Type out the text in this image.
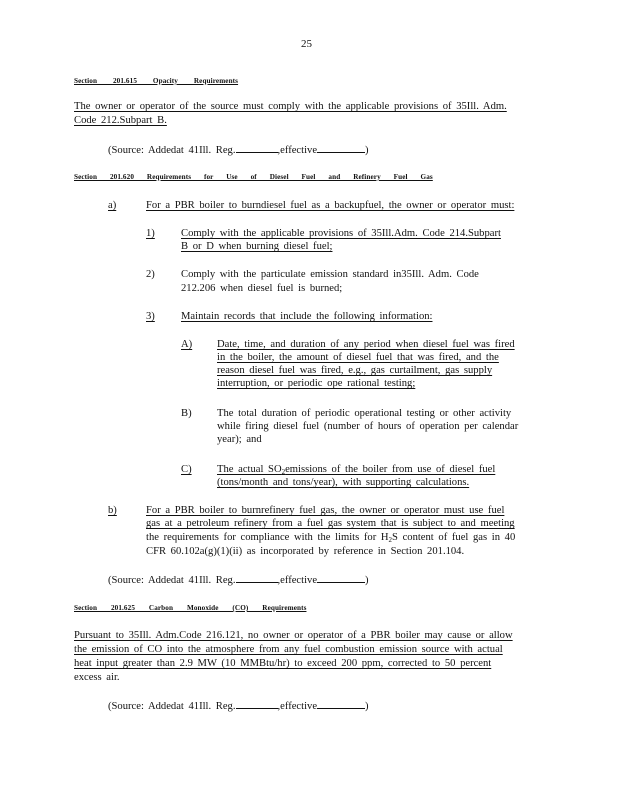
25
Section 201.615 Opacity Requirements
The owner or operator of the source must comply with the applicable provisions of 35Ill. Adm.
Code 212.Subpart B.
(Source: Addedat 41Ill. Reg.	,effective	)
Section 201.620 Requirements for Use of Diesel Fuel and Refinery Fuel Gas
a)	For a PBR boiler to burndiesel fuel as a backupfuel, the owner or operator must:
1) Comply with the applicable provisions of 35Ill.Adm. Code 214.Subpart
B or D when burning diesel fuel;
2) Comply with the particulate emission standard in35Ill. Adm. Code
212.206 when diesel fuel is burned;
3) Maintain records that include the following information:
A) Date, time, and duration of any period when diesel fuel was fired
in the boiler, the amount of diesel fuel that was fired, and the
reason diesel fuel was fired, e.g., gas curtailment, gas supply
interruption, or periodic ope rational testing;
B) The total duration of periodic operational testing or other activity
while firing diesel fuel (number of hours of operation per calendar
year); and
C) The actual $SO_2emissions$ of the boiler from use of diesel fuel
(tons/month and tons/year), with supporting calculations.
b)	For a PBR boiler to burnrefinery fuel gas, the owner or operator must use fuel
gas at a petroleum refinery from a fuel gas system that is subject to and meeting
the requirements for compliance with the limits for $H_2S$ content of fuel gas in 40
CFR 60.102a(g)(1)(ii) as incorporated by reference in Section 201.104.
(Source: Addedat 41Ill. Reg.	,effective	)
Section 201.625 Carbon Monoxide (CO) Requirements
Pursuant to 35Ill. Adm.Code 216.121, no owner or operator of a PBR boiler may cause or allow
the emission of CO into the atmosphere from any fuel combustion emission source with actual
heat input greater than 2.9 MW (10 MMBtu/hr) to exceed 200 ppm, corrected to 50 percent
excess air.
(Source: Addedat 41Ill. Reg.	,effective	)
